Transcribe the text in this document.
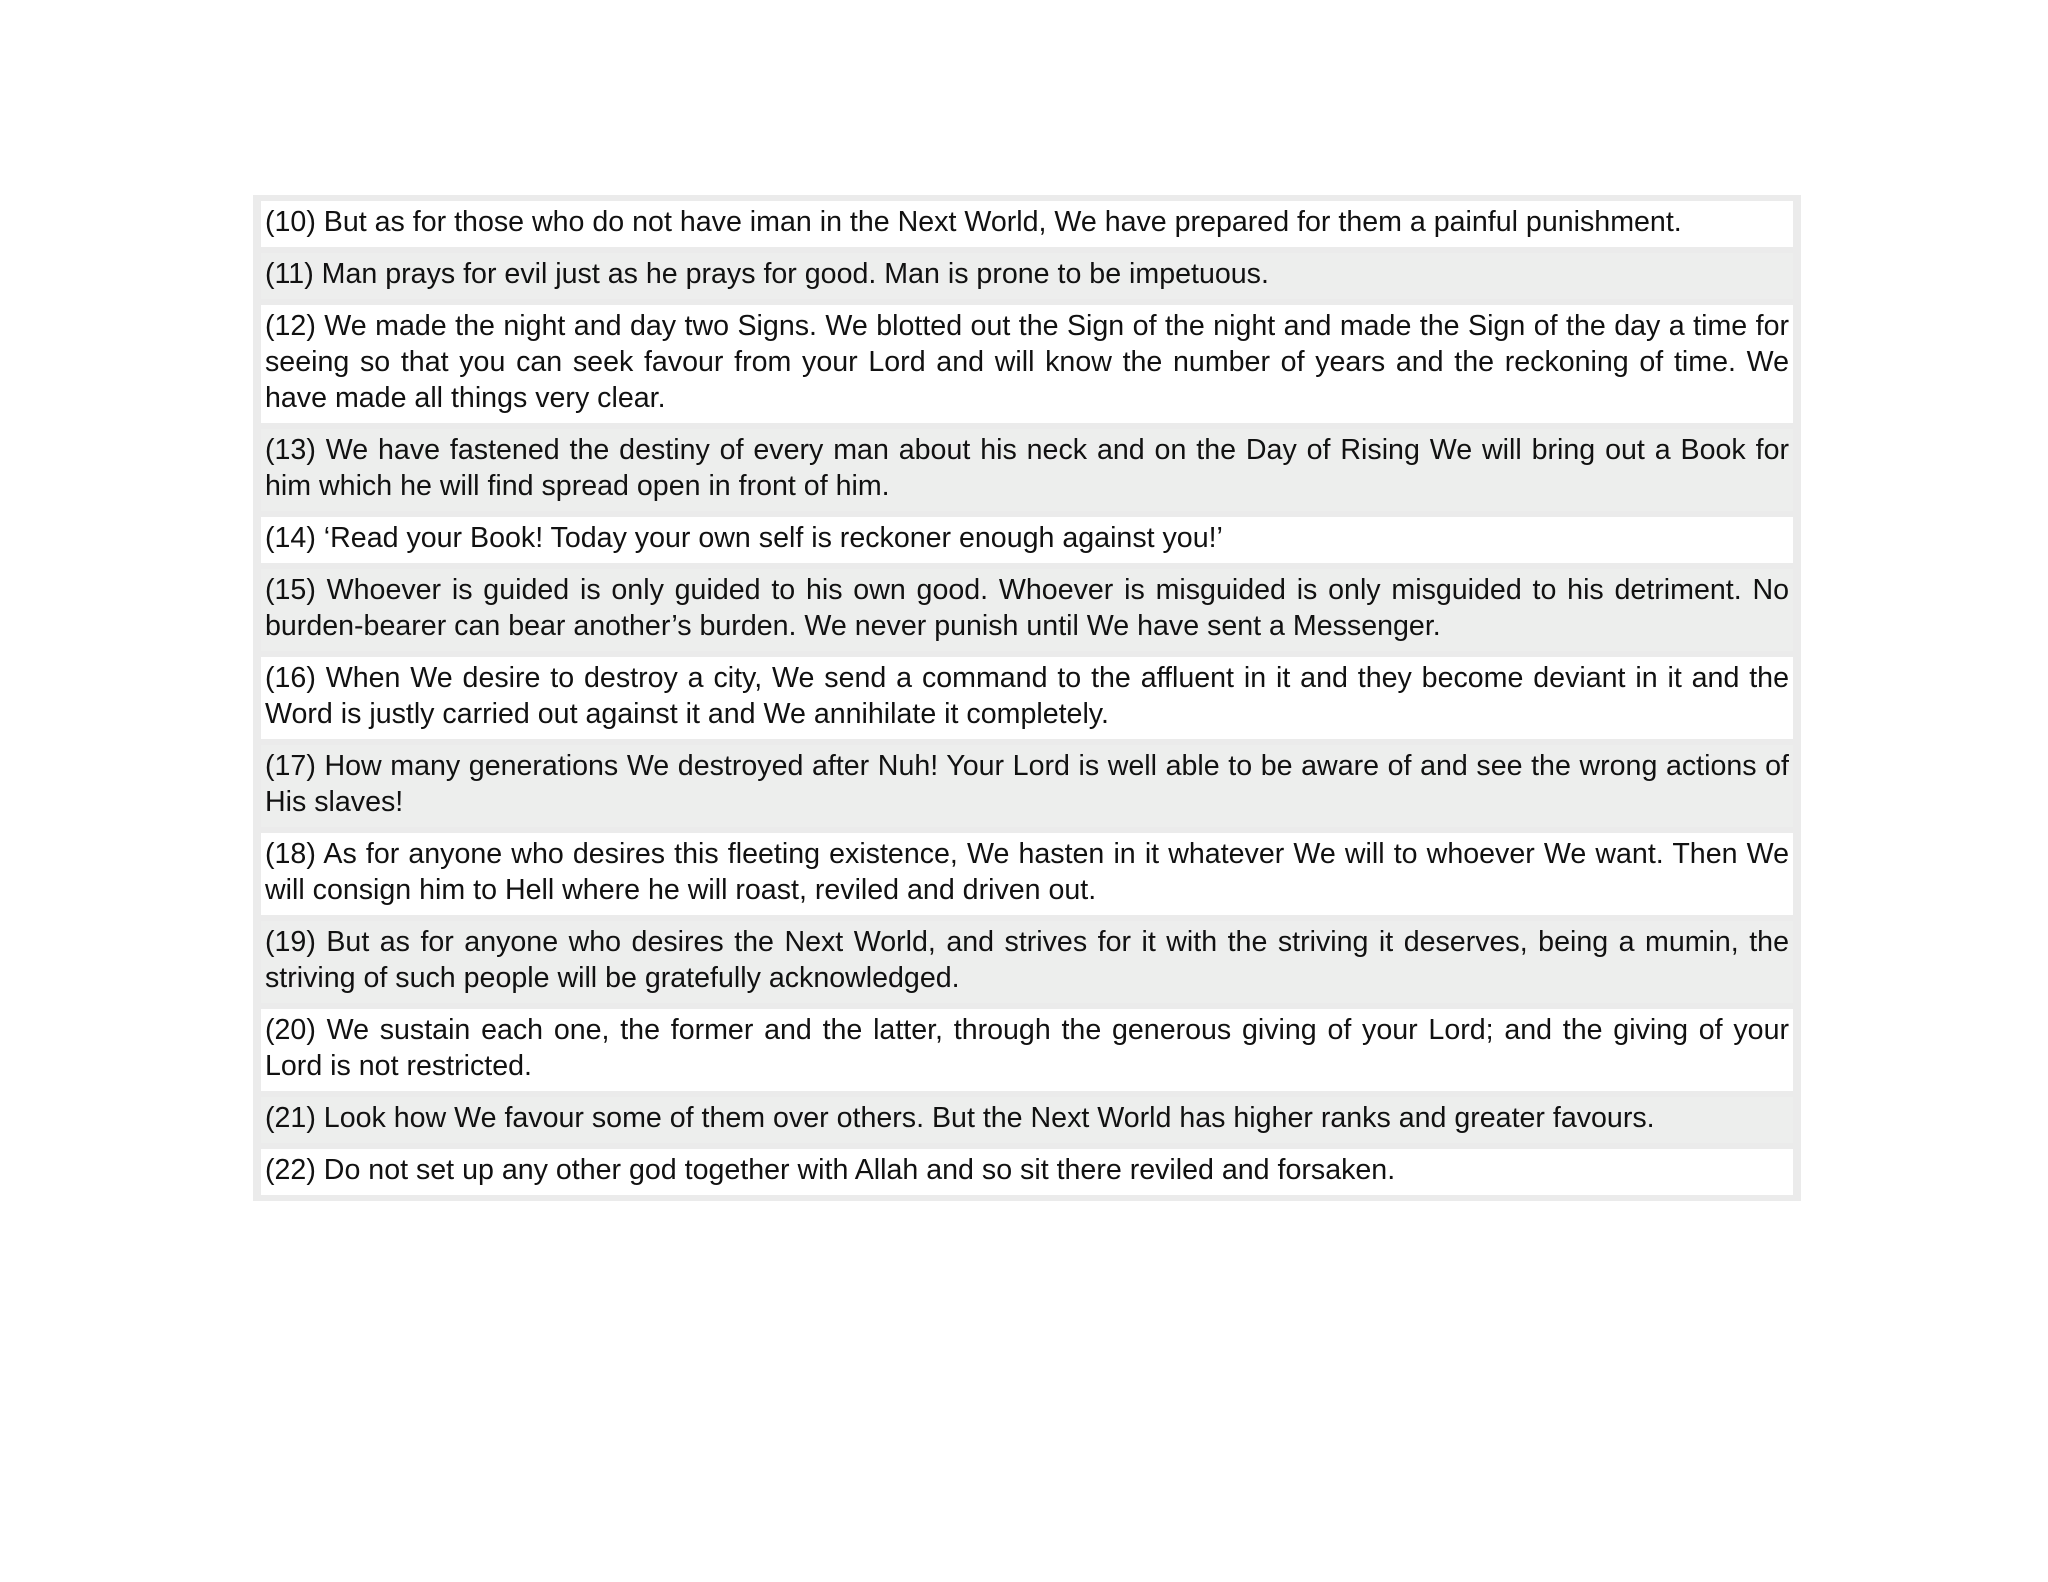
(10) But as for those who do not have iman in the Next World, We have prepared for them a painful punishment.
(11) Man prays for evil just as he prays for good. Man is prone to be impetuous.
(12) We made the night and day two Signs. We blotted out the Sign of the night and made the Sign of the day a time for seeing so that you can seek favour from your Lord and will know the number of years and the reckoning of time. We have made all things very clear.
(13) We have fastened the destiny of every man about his neck and on the Day of Rising We will bring out a Book for him which he will find spread open in front of him.
(14) ‘Read your Book! Today your own self is reckoner enough against you!’
(15) Whoever is guided is only guided to his own good. Whoever is misguided is only misguided to his detriment. No burden-bearer can bear another’s burden. We never punish until We have sent a Messenger.
(16) When We desire to destroy a city, We send a command to the affluent in it and they become deviant in it and the Word is justly carried out against it and We annihilate it completely.
(17) How many generations We destroyed after Nuh! Your Lord is well able to be aware of and see the wrong actions of His slaves!
(18) As for anyone who desires this fleeting existence, We hasten in it whatever We will to whoever We want. Then We will consign him to Hell where he will roast, reviled and driven out.
(19) But as for anyone who desires the Next World, and strives for it with the striving it deserves, being a mumin, the striving of such people will be gratefully acknowledged.
(20) We sustain each one, the former and the latter, through the generous giving of your Lord; and the giving of your Lord is not restricted.
(21) Look how We favour some of them over others. But the Next World has higher ranks and greater favours.
(22) Do not set up any other god together with Allah and so sit there reviled and forsaken.
